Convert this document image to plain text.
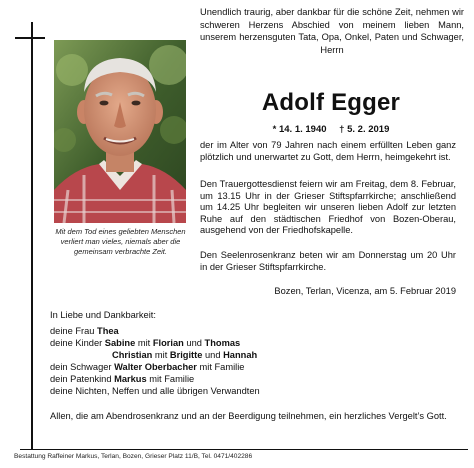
Unendlich traurig, aber dankbar für die schöne Zeit, nehmen wir schweren Herzens Abschied von meinem lieben Mann, unserem herzensguten Tata, Opa, Onkel, Paten und Schwager, Herrn
Mit dem Tod eines geliebten Menschen verliert man vieles, niemals aber die gemeinsam verbrachte Zeit.
Adolf Egger
* 14. 1. 1940 † 5. 2. 2019
der im Alter von 79 Jahren nach einem erfüllten Leben ganz plötzlich und unerwartet zu Gott, dem Herrn, heimgekehrt ist.
Den Trauergottesdienst feiern wir am Freitag, dem 8. Februar, um 13.15 Uhr in der Grieser Stiftspfarrkirche; anschließend um 14.25 Uhr begleiten wir unseren lieben Adolf zur letzten Ruhe auf den städtischen Friedhof von Bozen-Oberau, ausgehend von der Friedhofskapelle.
Den Seelenrosenkranz beten wir am Donnerstag um 20 Uhr in der Grieser Stiftspfarrkirche.
Bozen, Terlan, Vicenza, am 5. Februar 2019
In Liebe und Dankbarkeit:
deine Frau Thea
deine Kinder Sabine mit Florian und Thomas
Christian mit Brigitte und Hannah
dein Schwager Walter Oberbacher mit Familie
dein Patenkind Markus mit Familie
deine Nichten, Neffen und alle übrigen Verwandten
Allen, die am Abendrosenkranz und an der Beerdigung teilnehmen, ein herzliches Vergelt’s Gott.
Bestattung Raffeiner Markus, Terlan, Bozen, Grieser Platz 11/B, Tel. 0471/402286
